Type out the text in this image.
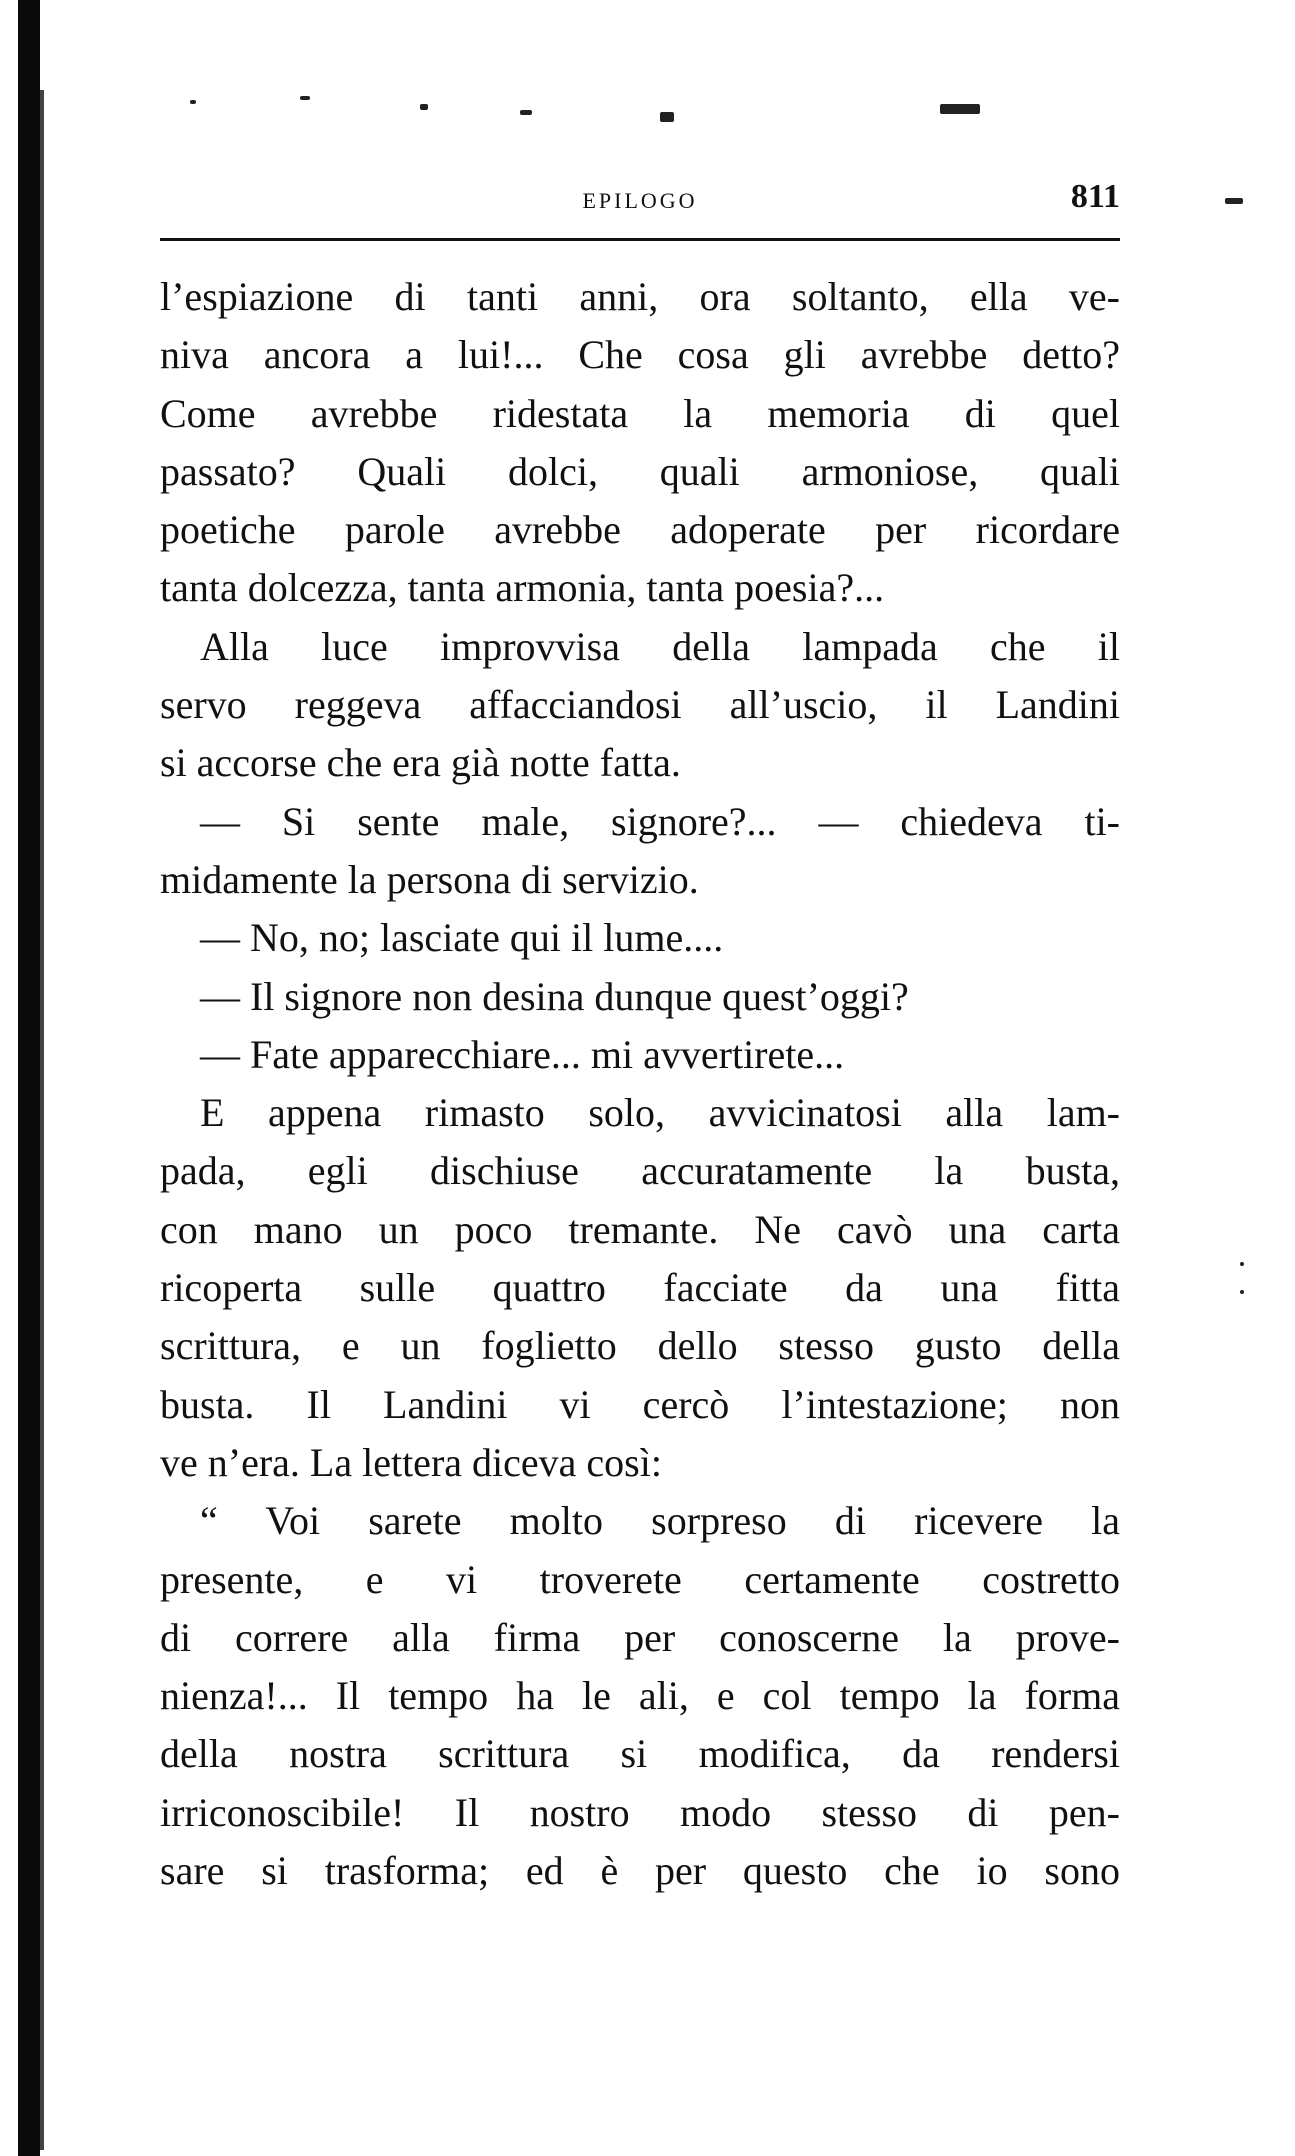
EPILOGO	811
l’espiazione di tanti anni, ora soltanto, ella ve-
niva ancora a lui!... Che cosa gli avrebbe detto?
Come avrebbe ridestata la memoria di quel
passato? Quali dolci, quali armoniose, quali
poetiche parole avrebbe adoperate per ricordare
tanta dolcezza, tanta armonia, tanta poesia?...
Alla luce improvvisa della lampada che il
servo reggeva affacciandosi all’uscio, il Landini
si accorse che era già notte fatta.
— Si sente male, signore?... — chiedeva ti-
midamente la persona di servizio.
— No, no; lasciate qui il lume....
— Il signore non desina dunque quest’oggi?
— Fate apparecchiare... mi avvertirete...
E appena rimasto solo, avvicinatosi alla lam-
pada, egli dischiuse accuratamente la busta,
con mano un poco tremante. Ne cavò una carta
ricoperta sulle quattro facciate da una fitta
scrittura, e un foglietto dello stesso gusto della
busta. Il Landini vi cercò l’intestazione; non
ve n’era. La lettera diceva così:
“ Voi sarete molto sorpreso di ricevere la
presente, e vi troverete certamente costretto
di correre alla firma per conoscerne la prove-
nienza!... Il tempo ha le ali, e col tempo la forma
della nostra scrittura si modifica, da rendersi
irriconoscibile! Il nostro modo stesso di pen-
sare si trasforma; ed è per questo che io sono
